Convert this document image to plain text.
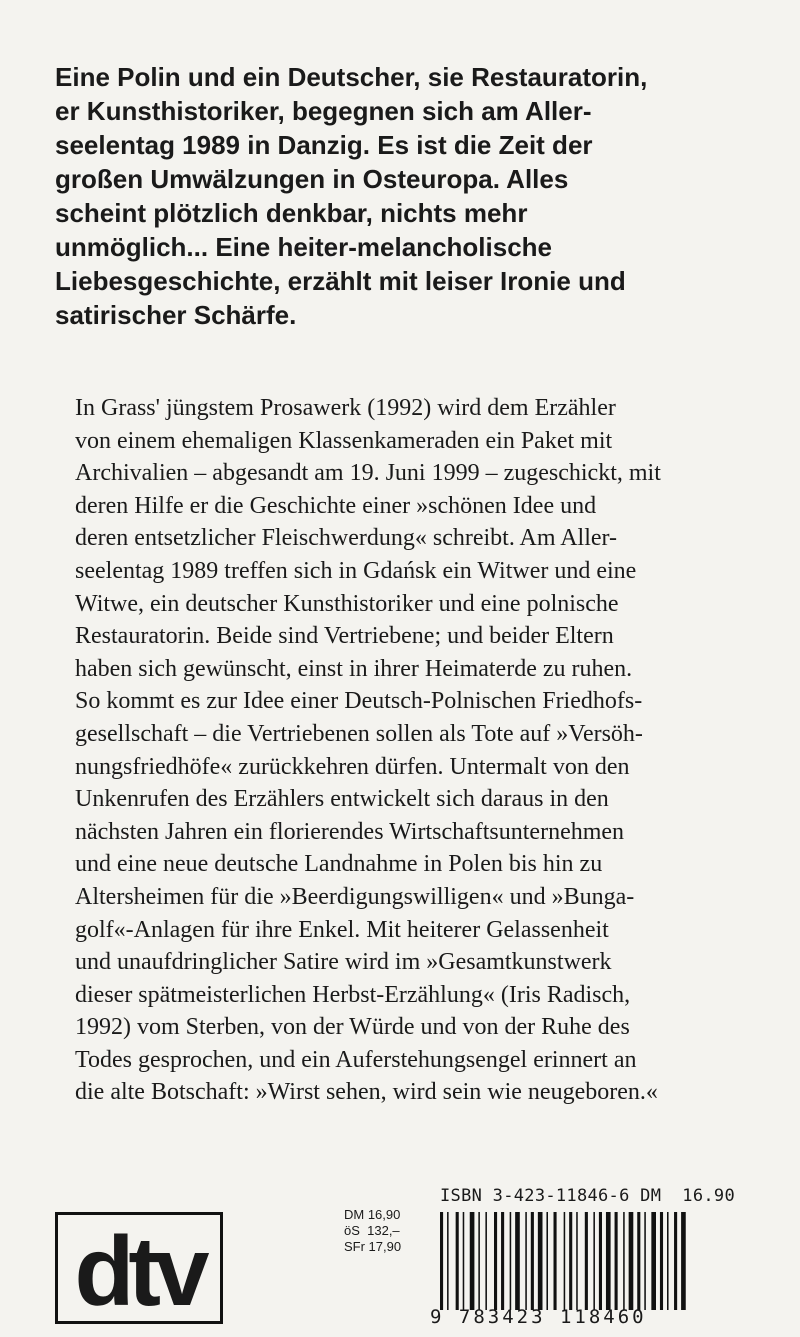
Eine Polin und ein Deutscher, sie Restauratorin,
er Kunsthistoriker, begegnen sich am Aller-
seelentag 1989 in Danzig. Es ist die Zeit der
großen Umwälzungen in Osteuropa. Alles
scheint plötzlich denkbar, nichts mehr
unmöglich... Eine heiter-melancholische
Liebesgeschichte, erzählt mit leiser Ironie und
satirischer Schärfe.

In Grass' jüngstem Prosawerk (1992) wird dem Erzähler
von einem ehemaligen Klassenkameraden ein Paket mit
Archivalien – abgesandt am 19. Juni 1999 – zugeschickt, mit
deren Hilfe er die Geschichte einer »schönen Idee und
deren entsetzlicher Fleischwerdung« schreibt. Am Aller-
seelentag 1989 treffen sich in Gdańsk ein Witwer und eine
Witwe, ein deutscher Kunsthistoriker und eine polnische
Restauratorin. Beide sind Vertriebene; und beider Eltern
haben sich gewünscht, einst in ihrer Heimaterde zu ruhen.
So kommt es zur Idee einer Deutsch-Polnischen Friedhofs-
gesellschaft – die Vertriebenen sollen als Tote auf »Versöh-
nungsfriedhöfe« zurückkehren dürfen. Untermalt von den
Unkenrufen des Erzählers entwickelt sich daraus in den
nächsten Jahren ein florierendes Wirtschaftsunternehmen
und eine neue deutsche Landnahme in Polen bis hin zu
Altersheimen für die »Beerdigungswilligen« und »Bunga-
golf«-Anlagen für ihre Enkel. Mit heiterer Gelassenheit
und unaufdringlicher Satire wird im »Gesamtkunstwerk
dieser spätmeisterlichen Herbst-Erzählung« (Iris Radisch,
1992) vom Sterben, von der Würde und von der Ruhe des
Todes gesprochen, und ein Auferstehungsengel erinnert an
die alte Botschaft: »Wirst sehen, wird sein wie neugeboren.«

dtv
DM 16,90
öS  132,–
SFr 17,90
ISBN 3-423-11846-6 DM  16.90
9 783423 118460
